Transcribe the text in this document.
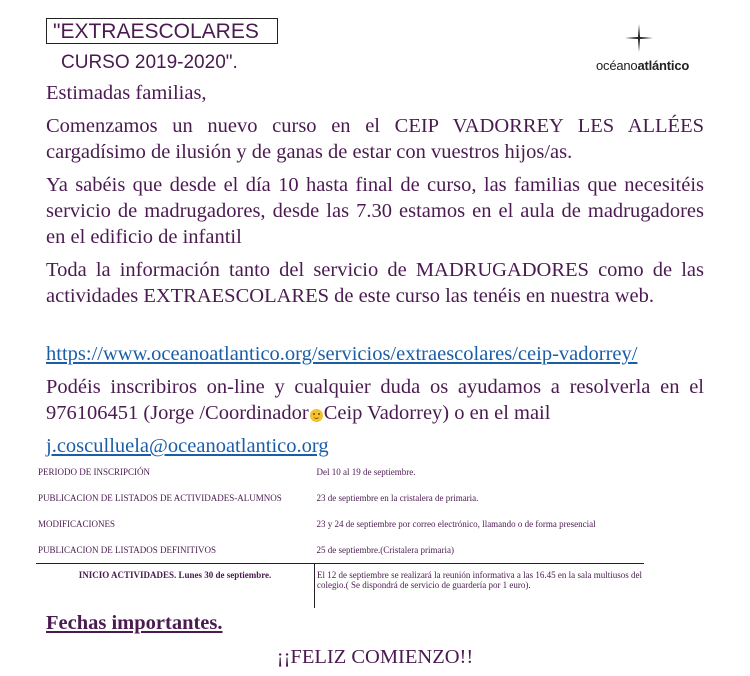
"EXTRAESCOLARES
CURSO 2019-2020".	océanoatlántico

Estimadas familias,

Comenzamos un nuevo curso en el CEIP VADORREY LES ALLÉES cargadísimo de ilusión y de ganas de estar con vuestros hijos/as.

Ya sabéis que desde el día 10 hasta final de curso, las familias que necesitéis servicio de madrugadores, desde las 7.30 estamos en el aula de madrugadores en el edificio de infantil

Toda la información tanto del servicio de MADRUGADORES como de las actividades EXTRAESCOLARES de este curso las tenéis en nuestra web.

https://www.oceanoatlantico.org/servicios/extraescolares/ceip-vadorrey/

Podéis inscribiros on-line y cualquier duda os ayudamos a resolverla en el 976106451 (Jorge /Coordinador Ceip Vadorrey) o en el mail

j.cosculluela@oceanoatlantico.org
PERIODO DE INSCRIPCIÓN	Del 10 al 19 de septiembre.
PUBLICACION DE LISTADOS DE ACTIVIDADES-ALUMNOS	23 de septiembre en la cristalera de primaria.
MODIFICACIONES	23 y 24 de septiembre por correo electrónico, llamando o de forma presencial
PUBLICACION DE LISTADOS DEFINITIVOS	25 de septiembre.(Cristalera primaria)
INICIO ACTIVIDADES. Lunes 30 de septiembre.	El 12 de septiembre se realizará la reunión informativa a las 16.45 en la sala multiusos del colegio.( Se dispondrá de servicio de guardería por 1 euro).
Fechas importantes.
¡¡FELIZ COMIENZO!!
